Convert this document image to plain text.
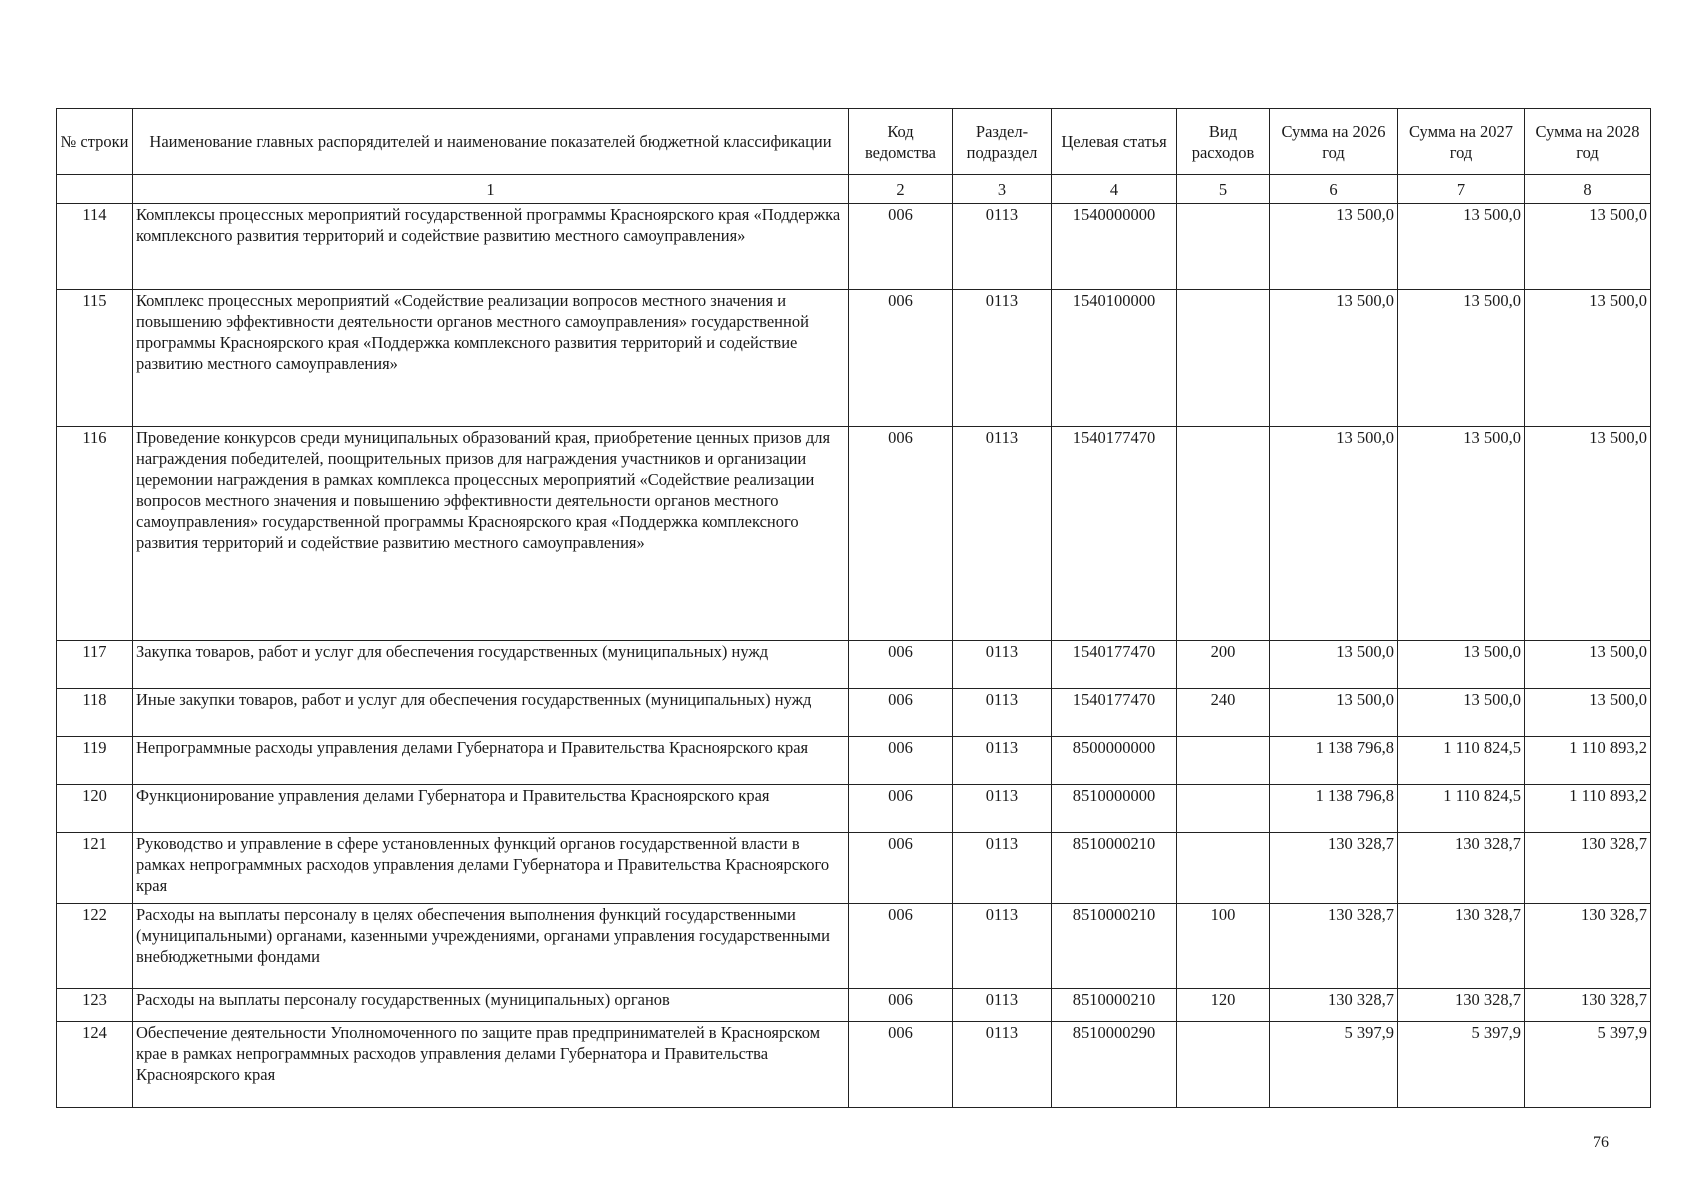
№ строки	Наименование главных распорядителей и наименование показателей бюджетной классификации	Код ведомства	Раздел-подраздел	Целевая статья	Вид расходов	Сумма на 2026 год	Сумма на 2027 год	Сумма на 2028 год
	1	2	3	4	5	6	7	8
114	Комплексы процессных мероприятий государственной программы Красноярского края «Поддержка комплексного развития территорий и содействие развитию местного самоуправления»	006	0113	1540000000		13 500,0	13 500,0	13 500,0
115	Комплекс процессных мероприятий «Содействие реализации вопросов местного значения и повышению эффективности деятельности органов местного самоуправления» государственной программы Красноярского края «Поддержка комплексного развития территорий и содействие развитию местного самоуправления»	006	0113	1540100000		13 500,0	13 500,0	13 500,0
116	Проведение конкурсов среди муниципальных образований края, приобретение ценных призов для награждения победителей, поощрительных призов для награждения участников и организации церемонии награждения в рамках комплекса процессных мероприятий «Содействие реализации вопросов местного значения и повышению эффективности деятельности органов местного самоуправления» государственной программы Красноярского края «Поддержка комплексного развития территорий и содействие развитию местного самоуправления»	006	0113	1540177470		13 500,0	13 500,0	13 500,0
117	Закупка товаров, работ и услуг для обеспечения государственных (муниципальных) нужд	006	0113	1540177470	200	13 500,0	13 500,0	13 500,0
118	Иные закупки товаров, работ и услуг для обеспечения государственных (муниципальных) нужд	006	0113	1540177470	240	13 500,0	13 500,0	13 500,0
119	Непрограммные расходы управления делами Губернатора и Правительства Красноярского края	006	0113	8500000000		1 138 796,8	1 110 824,5	1 110 893,2
120	Функционирование управления делами Губернатора и Правительства Красноярского края	006	0113	8510000000		1 138 796,8	1 110 824,5	1 110 893,2
121	Руководство и управление в сфере установленных функций органов государственной власти в рамках непрограммных расходов управления делами Губернатора и Правительства Красноярского края	006	0113	8510000210		130 328,7	130 328,7	130 328,7
122	Расходы на выплаты персоналу в целях обеспечения выполнения функций государственными (муниципальными) органами, казенными учреждениями, органами управления государственными внебюджетными фондами	006	0113	8510000210	100	130 328,7	130 328,7	130 328,7
123	Расходы на выплаты персоналу государственных (муниципальных) органов	006	0113	8510000210	120	130 328,7	130 328,7	130 328,7
124	Обеспечение деятельности Уполномоченного по защите прав предпринимателей в Красноярском крае в рамках непрограммных расходов управления делами Губернатора и Правительства Красноярского края	006	0113	8510000290		5 397,9	5 397,9	5 397,9
76
